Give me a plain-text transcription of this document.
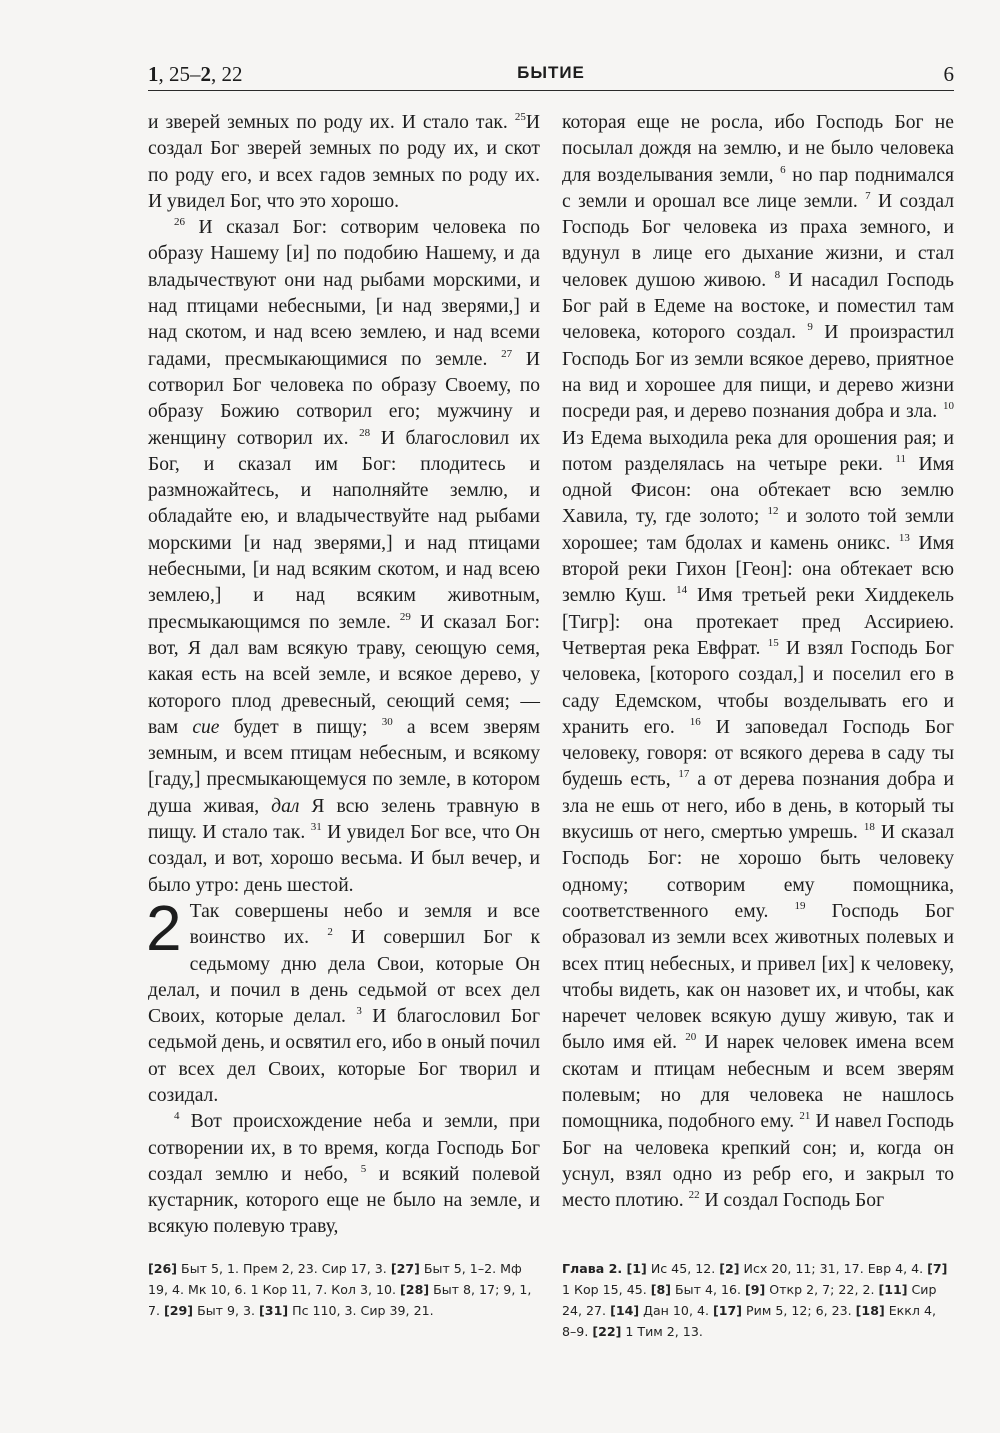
1, 25–2, 22	БЫТИЕ	6

и зверей земных по роду их. И стало так. $^{25}$И создал Бог зверей земных по роду их, и скот по роду его, и всех гадов земных по роду их. И увидел Бог, что это хорошо.

$^{26}$ И сказал Бог: сотворим человека по образу Нашему [и] по подобию Нашему, и да владычествуют они над рыбами морскими, и над птицами небесными, [и над зверями,] и над скотом, и над всею землею, и над всеми гадами, пресмыкающимися по земле. $^{27}$ И сотворил Бог человека по образу Своему, по образу Божию сотворил его; мужчину и женщину сотворил их. $^{28}$ И благословил их Бог, и сказал им Бог: плодитесь и размножайтесь, и наполняйте землю, и обладайте ею, и владычествуйте над рыбами морскими [и над зверями,] и над птицами небесными, [и над всяким скотом, и над всею землею,] и над всяким животным, пресмыкающимся по земле. $^{29}$ И сказал Бог: вот, Я дал вам всякую траву, сеющую семя, какая есть на всей земле, и всякое дерево, у которого плод древесный, сеющий семя; — вам сие будет в пищу; $^{30}$ а всем зверям земным, и всем птицам небесным, и всякому [гаду,] пресмыкающемуся по земле, в котором душа живая, дал Я всю зелень травную в пищу. И стало так. $^{31}$ И увидел Бог все, что Он создал, и вот, хорошо весьма. И был вечер, и было утро: день шестой.

2 Так совершены небо и земля и все воинство их. $^2$ И совершил Бог к седьмому дню дела Свои, которые Он делал, и почил в день седьмой от всех дел Своих, которые делал. $^3$ И благословил Бог седьмой день, и освятил его, ибо в оный почил от всех дел Своих, которые Бог творил и созидал.

$^4$ Вот происхождение неба и земли, при сотворении их, в то время, когда Господь Бог создал землю и небо, $^5$ и всякий полевой кустарник, которого еще не было на земле, и всякую полевую траву,

которая еще не росла, ибо Господь Бог не посылал дождя на землю, и не было человека для возделывания земли, $^6$ но пар поднимался с земли и орошал все лице земли. $^7$ И создал Господь Бог человека из праха земного, и вдунул в лице его дыхание жизни, и стал человек душою живою. $^8$ И насадил Господь Бог рай в Едеме на востоке, и поместил там человека, которого создал. $^9$ И произрастил Господь Бог из земли всякое дерево, приятное на вид и хорошее для пищи, и дерево жизни посреди рая, и дерево познания добра и зла. $^{10}$ Из Едема выходила река для орошения рая; и потом разделялась на четыре реки. $^{11}$ Имя одной Фисон: она обтекает всю землю Хавила, ту, где золото; $^{12}$ и золото той земли хорошее; там бдолах и камень оникс. $^{13}$ Имя второй реки Гихон [Геон]: она обтекает всю землю Куш. $^{14}$ Имя третьей реки Хиддекель [Тигр]: она протекает пред Ассириею. Четвертая река Евфрат. $^{15}$ И взял Господь Бог человека, [которого создал,] и поселил его в саду Едемском, чтобы возделывать его и хранить его. $^{16}$ И заповедал Господь Бог человеку, говоря: от всякого дерева в саду ты будешь есть, $^{17}$ а от дерева познания добра и зла не ешь от него, ибо в день, в который ты вкусишь от него, смертью умрешь. $^{18}$ И сказал Господь Бог: не хорошо быть человеку одному; сотворим ему помощника, соответственного ему. $^{19}$ Господь Бог образовал из земли всех животных полевых и всех птиц небесных, и привел [их] к человеку, чтобы видеть, как он назовет их, и чтобы, как наречет человек всякую душу живую, так и было имя ей. $^{20}$ И нарек человек имена всем скотам и птицам небесным и всем зверям полевым; но для человека не нашлось помощника, подобного ему. $^{21}$ И навел Господь Бог на человека крепкий сон; и, когда он уснул, взял одно из ребр его, и закрыл то место плотию. $^{22}$ И создал Господь Бог

[26] Быт 5, 1. Прем 2, 23. Сир 17, 3. [27] Быт 5, 1–2. Мф 19, 4. Мк 10, 6. 1 Кор 11, 7. Кол 3, 10. [28] Быт 8, 17; 9, 1, 7. [29] Быт 9, 3. [31] Пс 110, 3. Сир 39, 21.
Глава 2. [1] Ис 45, 12. [2] Исх 20, 11; 31, 17. Евр 4, 4. [7] 1 Кор 15, 45. [8] Быт 4, 16. [9] Откр 2, 7; 22, 2. [11] Сир 24, 27. [14] Дан 10, 4. [17] Рим 5, 12; 6, 23. [18] Еккл 4, 8–9. [22] 1 Тим 2, 13.
